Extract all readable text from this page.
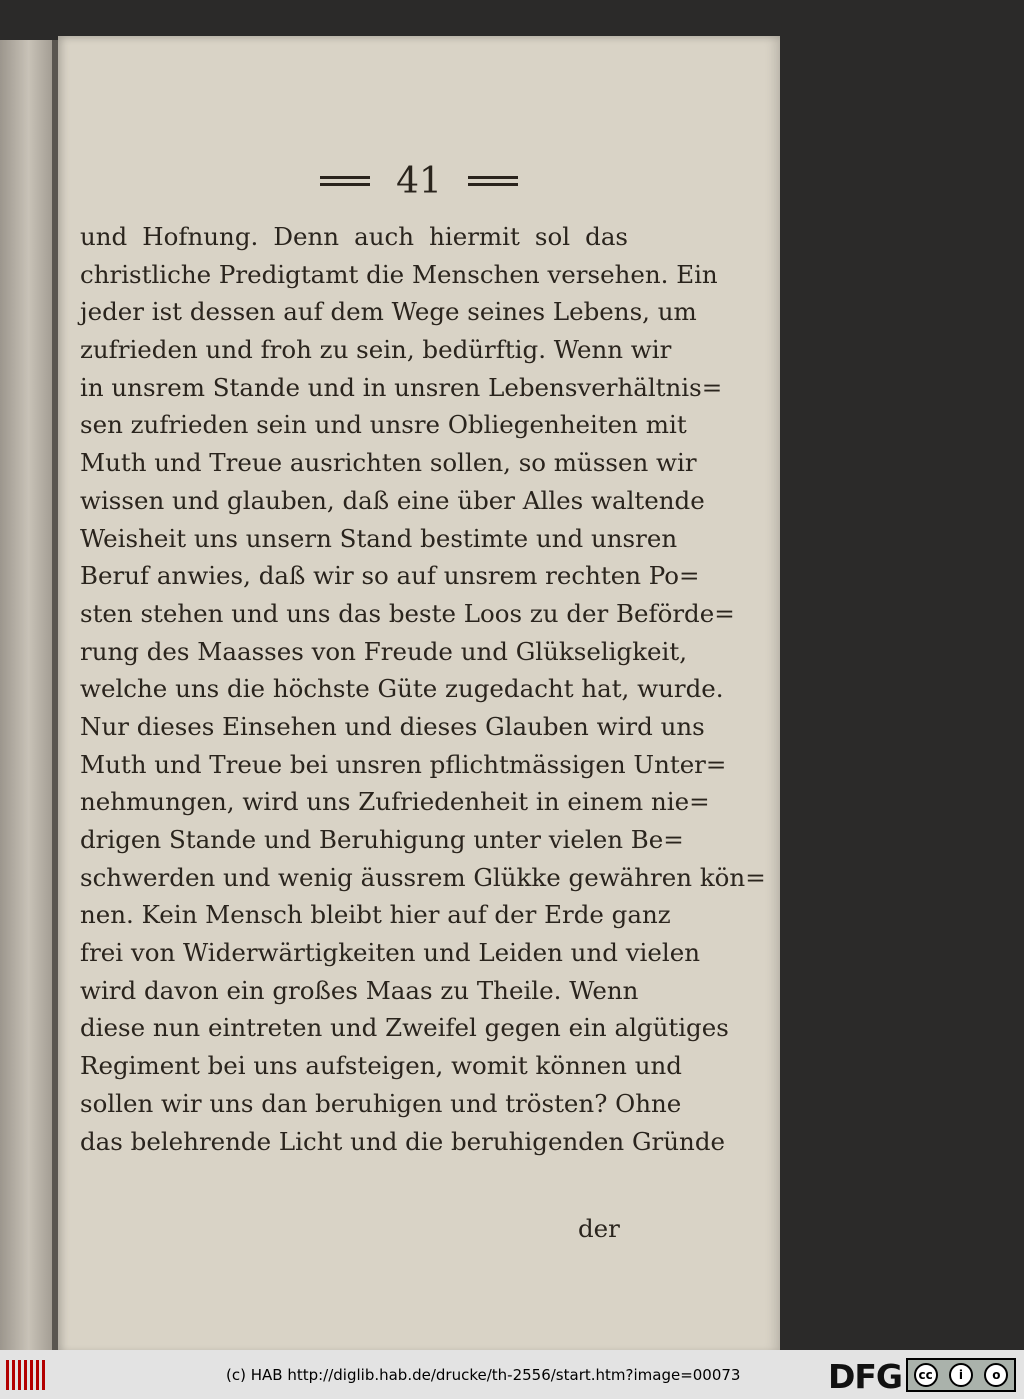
41
und Hofnung. Denn auch hiermit sol das
christliche Predigtamt die Menschen versehen. Ein
jeder ist dessen auf dem Wege seines Lebens, um
zufrieden und froh zu sein, bedürftig. Wenn wir
in unsrem Stande und in unsren Lebensverhältnis=
sen zufrieden sein und unsre Obliegenheiten mit
Muth und Treue ausrichten sollen, so müssen wir
wissen und glauben, daß eine über Alles waltende
Weisheit uns unsern Stand bestimte und unsren
Beruf anwies, daß wir so auf unsrem rechten Po=
sten stehen und uns das beste Loos zu der Beförde=
rung des Maasses von Freude und Glükseligkeit,
welche uns die höchste Güte zugedacht hat, wurde.
Nur dieses Einsehen und dieses Glauben wird uns
Muth und Treue bei unsren pflichtmässigen Unter=
nehmungen, wird uns Zufriedenheit in einem nie=
drigen Stande und Beruhigung unter vielen Be=
schwerden und wenig äussrem Glükke gewähren kön=
nen. Kein Mensch bleibt hier auf der Erde ganz
frei von Widerwärtigkeiten und Leiden und vielen
wird davon ein großes Maas zu Theile. Wenn
diese nun eintreten und Zweifel gegen ein algütiges
Regiment bei uns aufsteigen, womit können und
sollen wir uns dan beruhigen und trösten? Ohne
das belehrende Licht und die beruhigenden Gründe
der
(c) HAB http://diglib.hab.de/drucke/th-2556/start.htm?image=00073	DFG	cc	i	o
